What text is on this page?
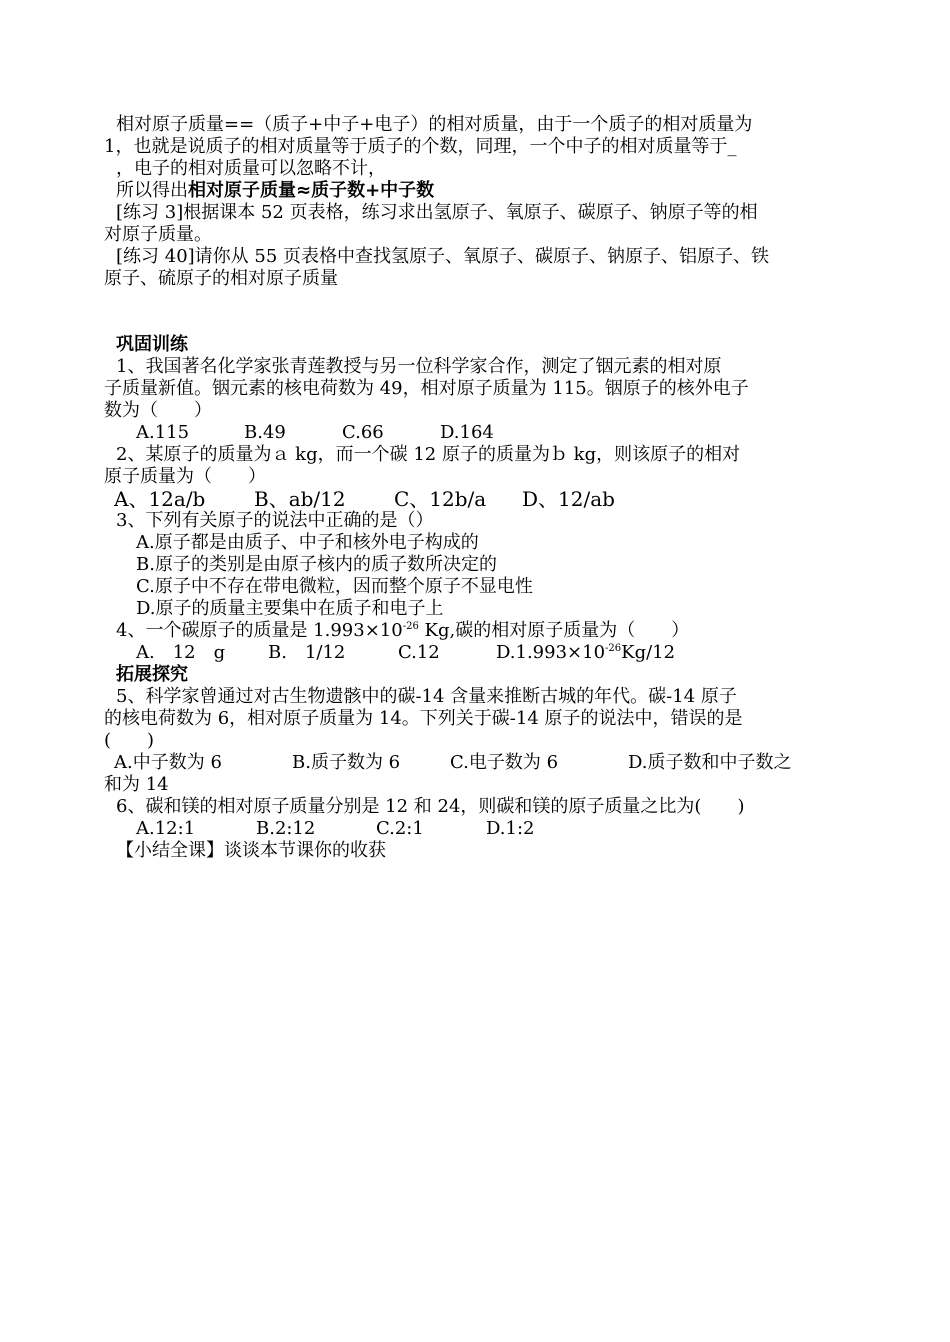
相对原子质量==（质子+中子+电子）的相对质量，由于一个质子的相对质量为
1，也就是说质子的相对质量等于质子的个数，同理，一个中子的相对质量等于_
，电子的相对质量可以忽略不计，
所以得出相对原子质量≈质子数+中子数
[练习 3]根据课本 52 页表格，练习求出氢原子、氧原子、碳原子、钠原子等的相
对原子质量。
[练习 40]请你从 55 页表格中查找氢原子、氧原子、碳原子、钠原子、铝原子、铁
原子、硫原子的相对原子质量
巩固训练
1、我国著名化学家张青莲教授与另一位科学家合作，测定了铟元素的相对原
子质量新值。铟元素的核电荷数为 49，相对原子质量为 115。铟原子的核外电子
数为（　　）
A.115	B.49	C.66	D.164
2、某原子的质量为ａ kg，而一个碳 12 原子的质量为ｂ kg，则该原子的相对
原子质量为（　　）
A、12a/b B、ab/12 C、12b/a D、12/ab
3、下列有关原子的说法中正确的是（）
A.原子都是由质子、中子和核外电子构成的
B.原子的类别是由原子核内的质子数所决定的
C.原子中不存在带电微粒，因而整个原子不显电性
D.原子的质量主要集中在质子和电子上
4、一个碳原子的质量是 $1.993\times 10^{-26}$ Kg,碳的相对原子质量为（　　）
A.　12　g B.　1/12	C.12	$D.1.993\times 10^{-26}Kg/12$
拓展探究
5、科学家曾通过对古生物遗骸中的碳-14 含量来推断古城的年代。碳-14 原子
的核电荷数为 6，相对原子质量为 14。下列关于碳-14 原子的说法中，错误的是
(　　)
A.中子数为 6	B.质子数为 6	C.电子数为 6	D.质子数和中子数之
和为 14
6、碳和镁的相对原子质量分别是 12 和 24，则碳和镁的原子质量之比为(　　)
A.12:1	B.2:12	C.2:1	D.1:2
【小结全课】谈谈本节课你的收获
